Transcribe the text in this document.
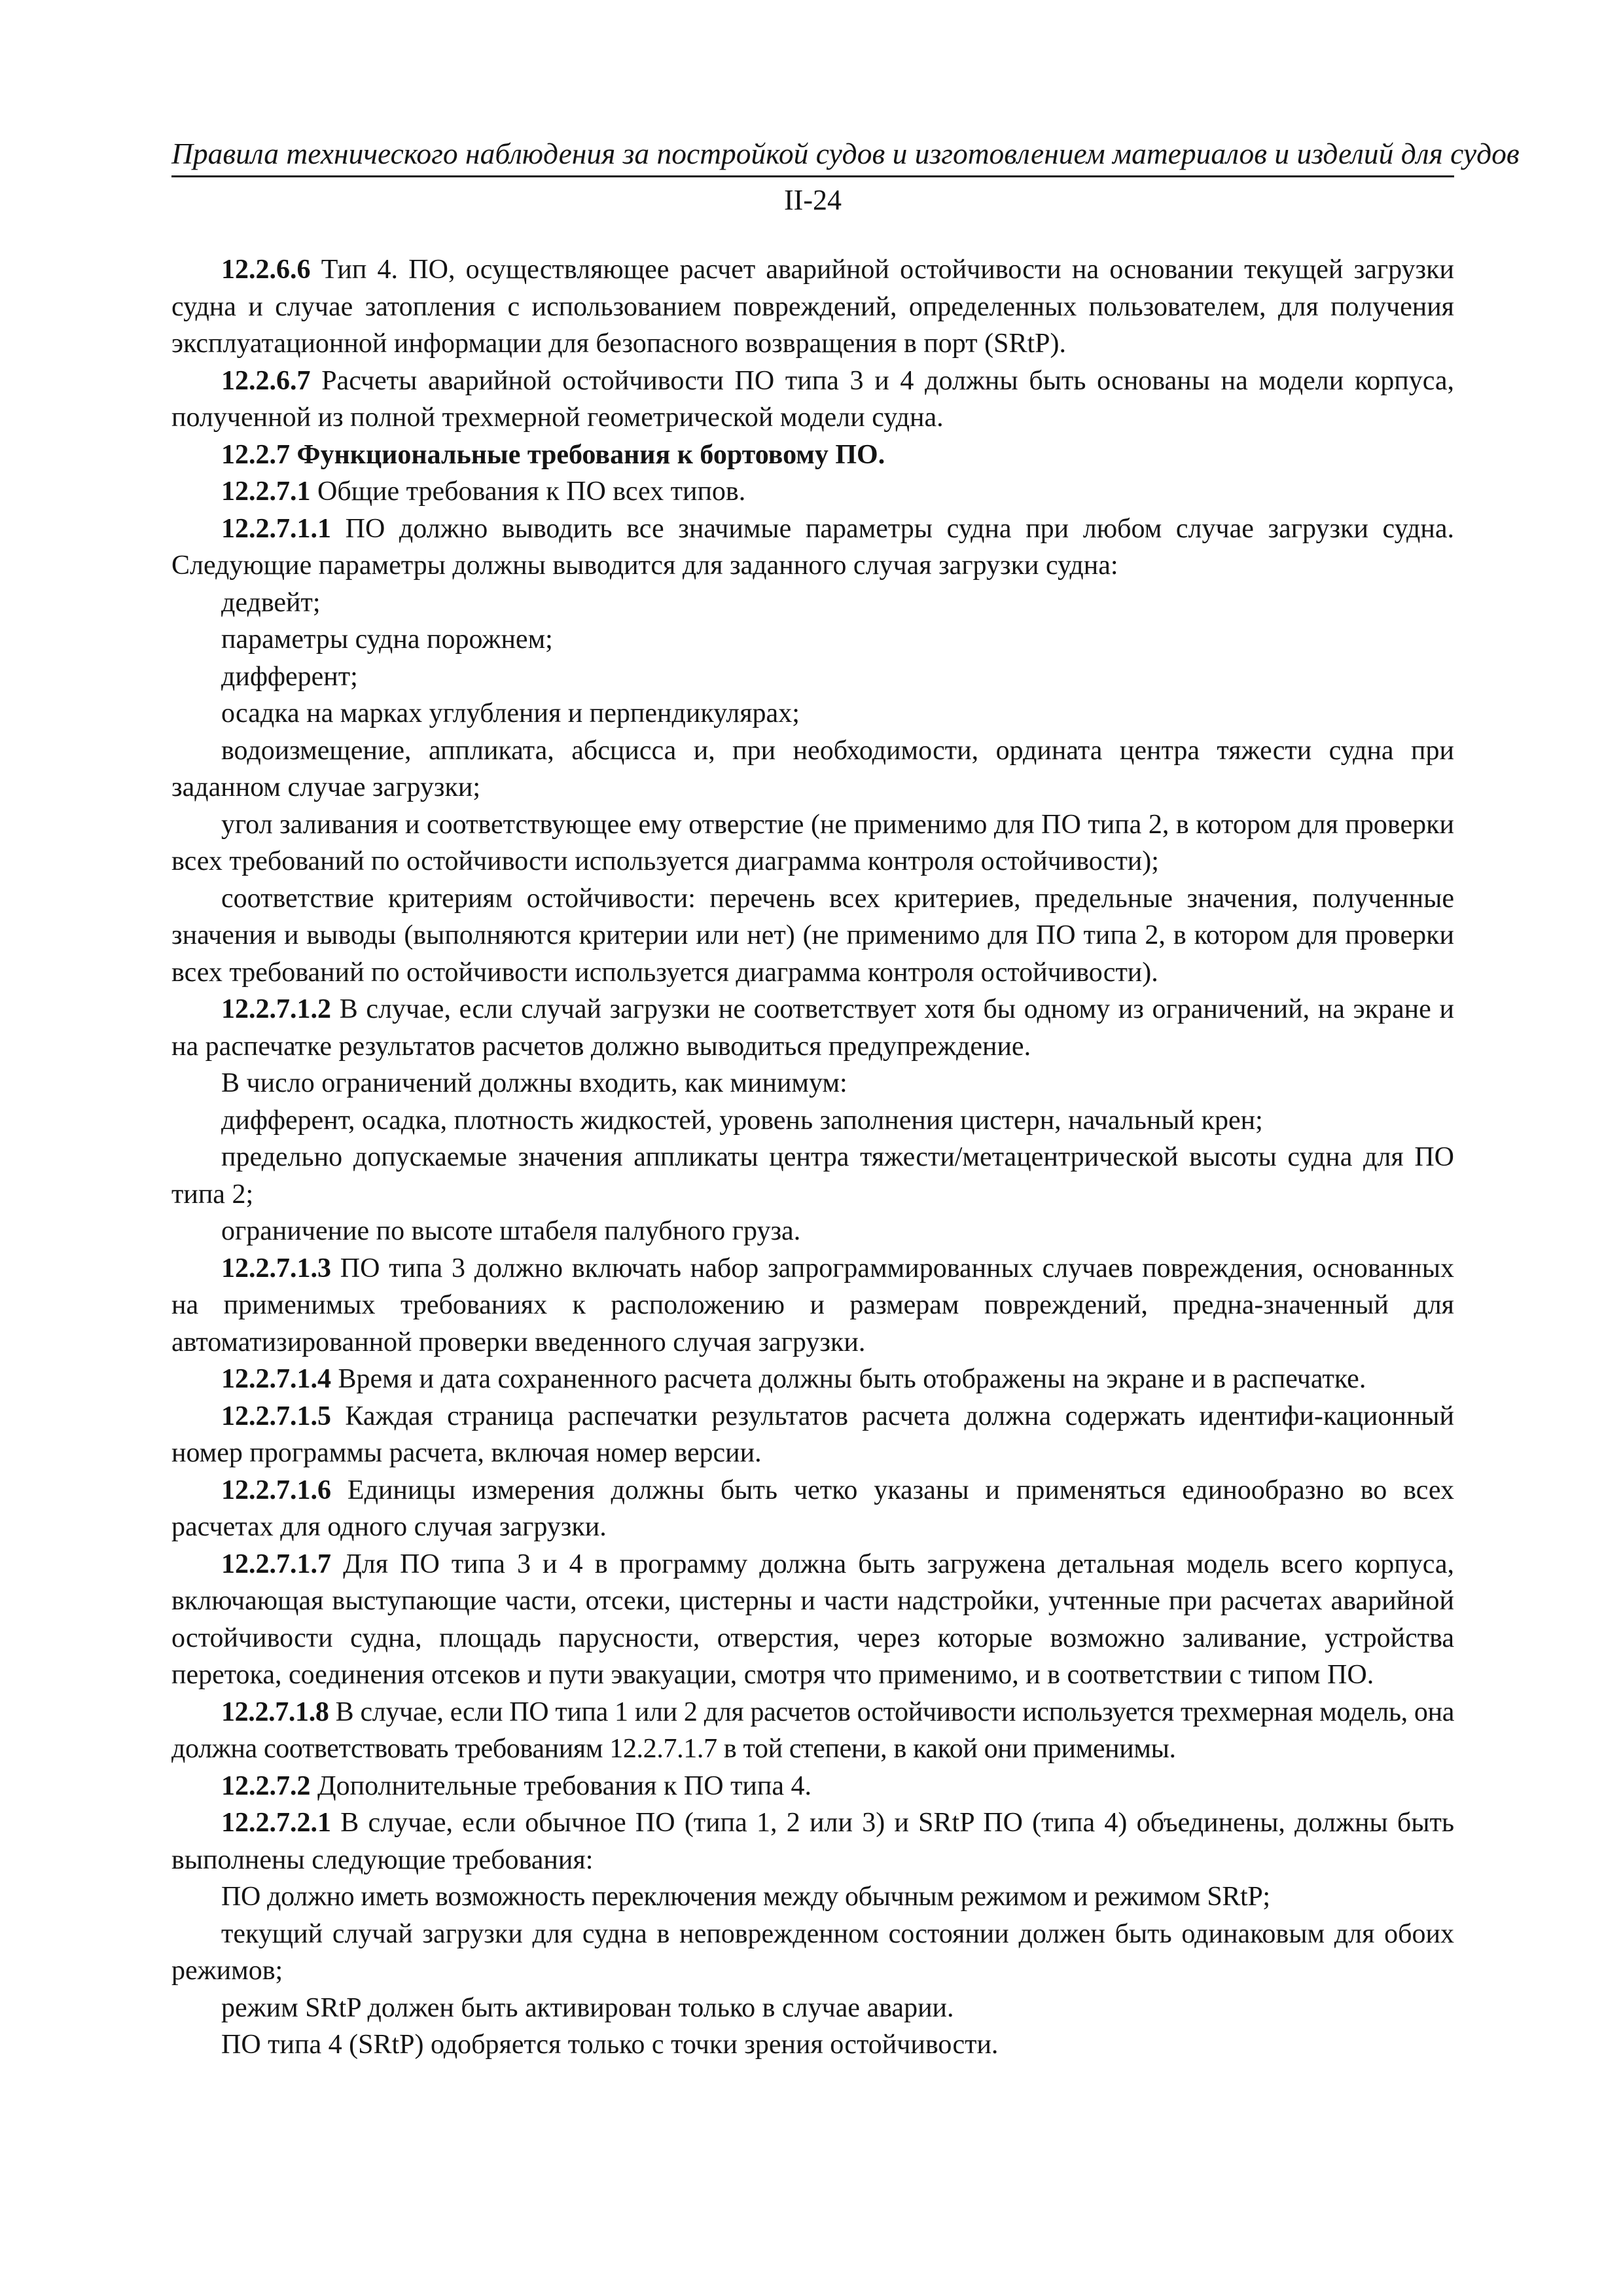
Правила технического наблюдения за постройкой судов и изготовлением материалов и изделий для судов
II-24

12.2.6.6 Тип 4. ПО, осуществляющее расчет аварийной остойчивости на основании текущей загрузки судна и случае затопления с использованием повреждений, определенных пользователем, для получения эксплуатационной информации для безопасного возвращения в порт (SRtP).

12.2.6.7 Расчеты аварийной остойчивости ПО типа 3 и 4 должны быть основаны на модели корпуса, полученной из полной трехмерной геометрической модели судна.

12.2.7 Функциональные требования к бортовому ПО.

12.2.7.1 Общие требования к ПО всех типов.

12.2.7.1.1 ПО должно выводить все значимые параметры судна при любом случае загрузки судна. Следующие параметры должны выводится для заданного случая загрузки судна:

дедвейт;

параметры судна порожнем;

дифферент;

осадка на марках углубления и перпендикулярах;

водоизмещение, аппликата, абсцисса и, при необходимости, ордината центра тяжести судна при заданном случае загрузки;

угол заливания и соответствующее ему отверстие (не применимо для ПО типа 2, в котором для проверки всех требований по остойчивости используется диаграмма контроля остойчивости);

соответствие критериям остойчивости: перечень всех критериев, предельные значения, полученные значения и выводы (выполняются критерии или нет) (не применимо для ПО типа 2, в котором для проверки всех требований по остойчивости используется диаграмма контроля остойчивости).

12.2.7.1.2 В случае, если случай загрузки не соответствует хотя бы одному из ограничений, на экране и на распечатке результатов расчетов должно выводиться предупреждение.

В число ограничений должны входить, как минимум:

дифферент, осадка, плотность жидкостей, уровень заполнения цистерн, начальный крен;

предельно допускаемые значения аппликаты центра тяжести/метацентрической высоты судна для ПО типа 2;

ограничение по высоте штабеля палубного груза.

12.2.7.1.3 ПО типа 3 должно включать набор запрограммированных случаев повреждения, основанных на применимых требованиях к расположению и размерам повреждений, предна-значенный для автоматизированной проверки введенного случая загрузки.

12.2.7.1.4 Время и дата сохраненного расчета должны быть отображены на экране и в распечатке.

12.2.7.1.5 Каждая страница распечатки результатов расчета должна содержать идентифи-кационный номер программы расчета, включая номер версии.

12.2.7.1.6 Единицы измерения должны быть четко указаны и применяться единообразно во всех расчетах для одного случая загрузки.

12.2.7.1.7 Для ПО типа 3 и 4 в программу должна быть загружена детальная модель всего корпуса, включающая выступающие части, отсеки, цистерны и части надстройки, учтенные при расчетах аварийной остойчивости судна, площадь парусности, отверстия, через которые возможно заливание, устройства перетока, соединения отсеков и пути эвакуации, смотря что применимо, и в соответствии с типом ПО.

12.2.7.1.8 В случае, если ПО типа 1 или 2 для расчетов остойчивости используется трехмерная модель, она должна соответствовать требованиям 12.2.7.1.7 в той степени, в какой они применимы.

12.2.7.2 Дополнительные требования к ПО типа 4.

12.2.7.2.1 В случае, если обычное ПО (типа 1, 2 или 3) и SRtP ПО (типа 4) объединены, должны быть выполнены следующие требования:

ПО должно иметь возможность переключения между обычным режимом и режимом SRtP;

текущий случай загрузки для судна в неповрежденном состоянии должен быть одинаковым для обоих режимов;

режим SRtP должен быть активирован только в случае аварии.

ПО типа 4 (SRtP) одобряется только с точки зрения остойчивости.
